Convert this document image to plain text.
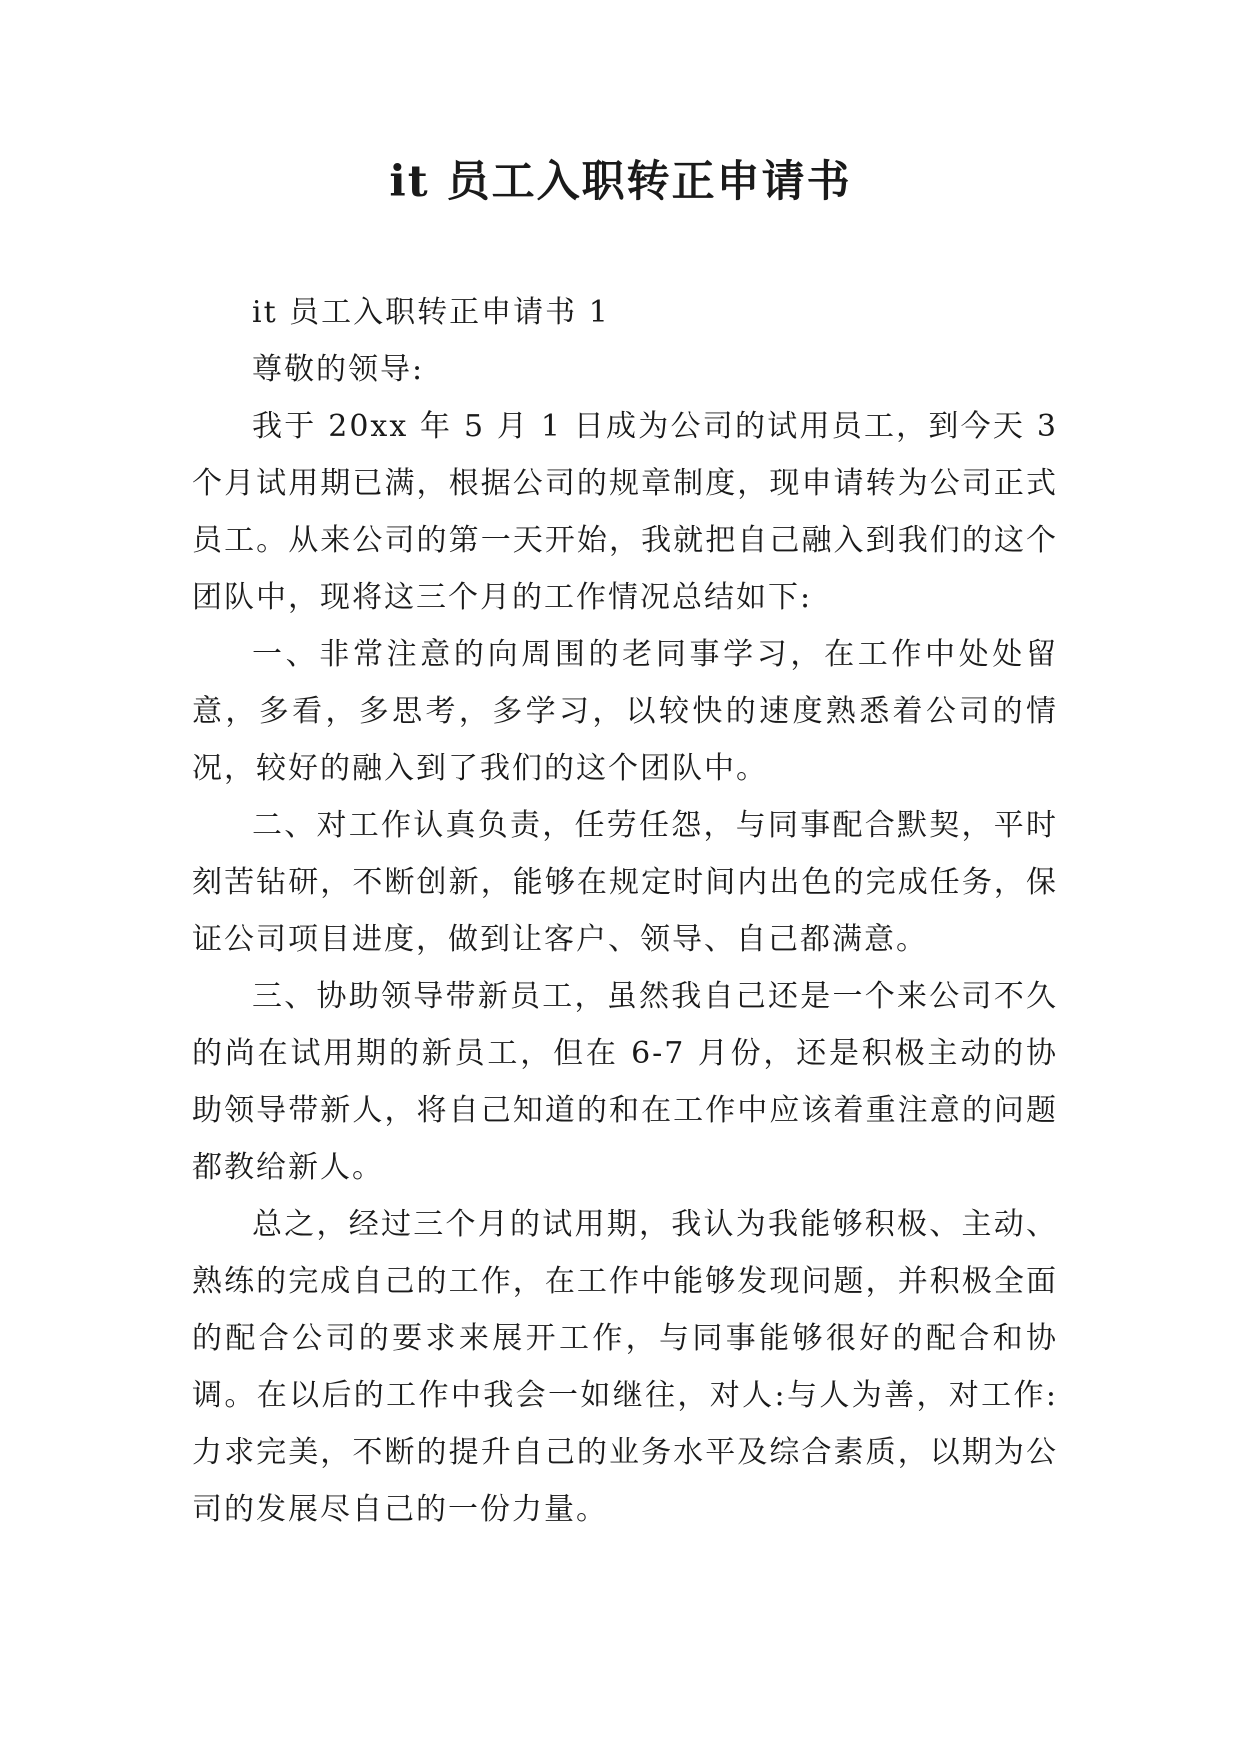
it 员工入职转正申请书

it 员工入职转正申请书 1

尊敬的领导:

我于 20xx 年 5 月 1 日成为公司的试用员工，到今天 3 个月试用期已满，根据公司的规章制度，现申请转为公司正式员工。从来公司的第一天开始，我就把自己融入到我们的这个团队中，现将这三个月的工作情况总结如下:

一、非常注意的向周围的老同事学习，在工作中处处留意，多看，多思考，多学习，以较快的速度熟悉着公司的情况，较好的融入到了我们的这个团队中。

二、对工作认真负责，任劳任怨，与同事配合默契，平时刻苦钻研，不断创新，能够在规定时间内出色的完成任务，保证公司项目进度，做到让客户、领导、自己都满意。

三、协助领导带新员工，虽然我自己还是一个来公司不久的尚在试用期的新员工，但在 6-7 月份，还是积极主动的协助领导带新人，将自己知道的和在工作中应该着重注意的问题都教给新人。

总之，经过三个月的试用期，我认为我能够积极、主动、熟练的完成自己的工作，在工作中能够发现问题，并积极全面的配合公司的要求来展开工作，与同事能够很好的配合和协调。在以后的工作中我会一如继往，对人:与人为善，对工作:力求完美，不断的提升自己的业务水平及综合素质，以期为公司的发展尽自己的一份力量。
